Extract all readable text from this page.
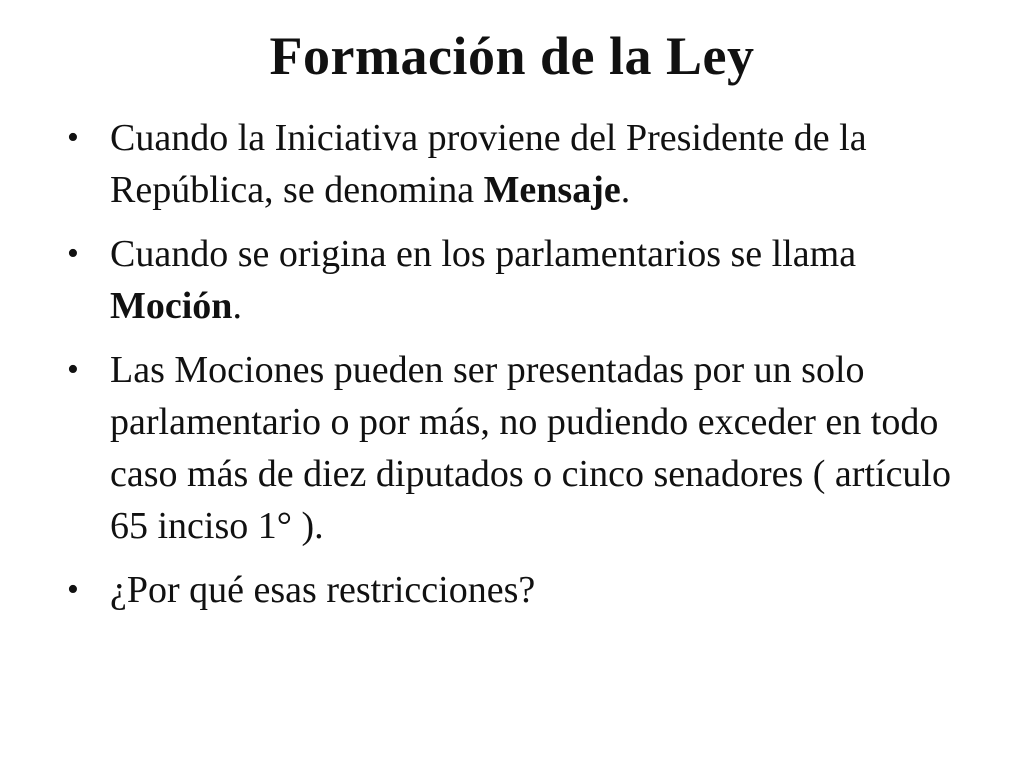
Formación de la Ley
• Cuando la Iniciativa proviene del Presidente de la República, se denomina Mensaje.
• Cuando se origina en los parlamentarios se llama Moción.
• Las Mociones pueden ser presentadas por un solo parlamentario o por más, no pudiendo exceder en todo caso más de diez diputados o cinco senadores ( artículo 65 inciso 1° ).
• ¿Por qué esas restricciones?
